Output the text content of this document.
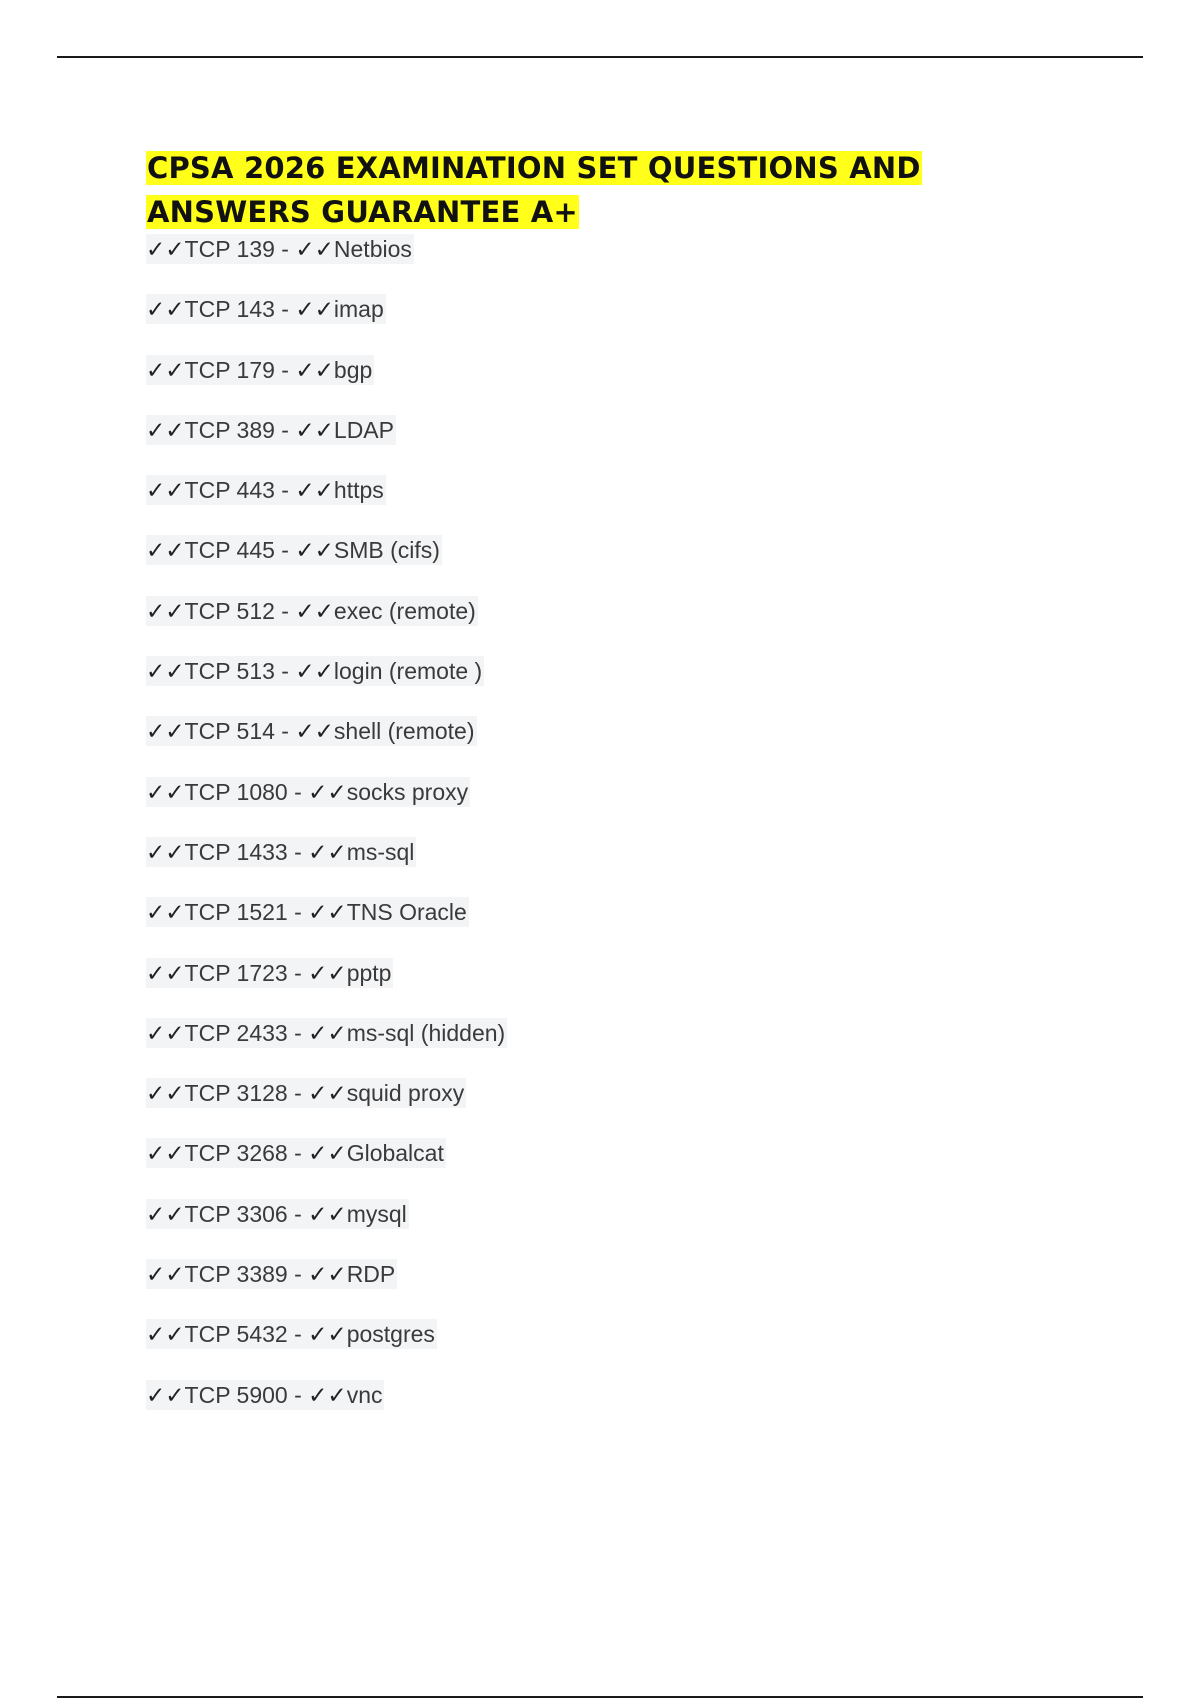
CPSA 2026 EXAMINATION SET QUESTIONS AND ANSWERS GUARANTEE A+
✓✓TCP 139 - ✓✓Netbios
✓✓TCP 143 - ✓✓imap
✓✓TCP 179 - ✓✓bgp
✓✓TCP 389 - ✓✓LDAP
✓✓TCP 443 - ✓✓https
✓✓TCP 445 - ✓✓SMB (cifs)
✓✓TCP 512 - ✓✓exec (remote)
✓✓TCP 513 - ✓✓login (remote )
✓✓TCP 514 - ✓✓shell (remote)
✓✓TCP 1080 - ✓✓socks proxy
✓✓TCP 1433 - ✓✓ms-sql
✓✓TCP 1521 - ✓✓TNS Oracle
✓✓TCP 1723 - ✓✓pptp
✓✓TCP 2433 - ✓✓ms-sql (hidden)
✓✓TCP 3128 - ✓✓squid proxy
✓✓TCP 3268 - ✓✓Globalcat
✓✓TCP 3306 - ✓✓mysql
✓✓TCP 3389 - ✓✓RDP
✓✓TCP 5432 - ✓✓postgres
✓✓TCP 5900 - ✓✓vnc
